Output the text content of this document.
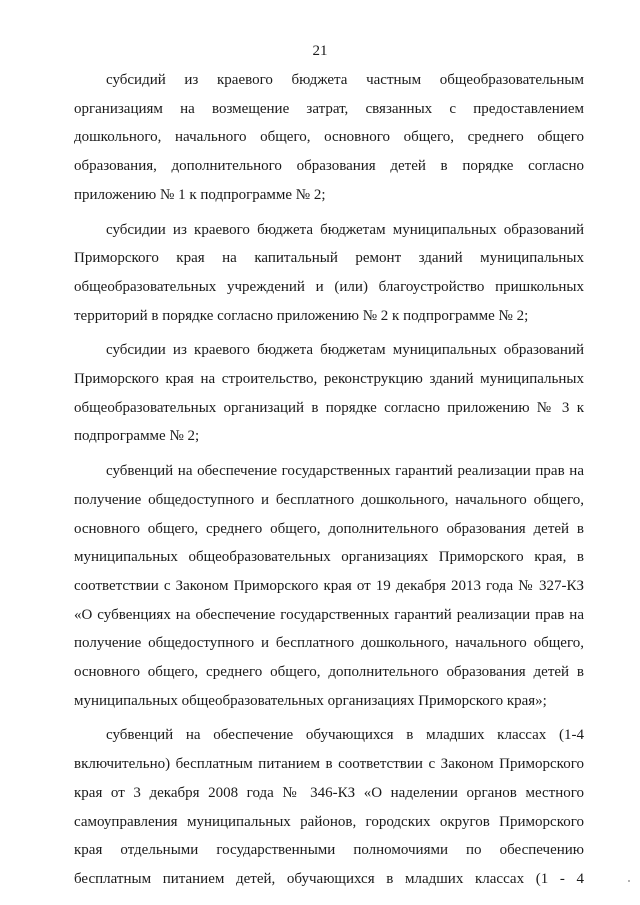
21

субсидий из краевого бюджета частным общеобразовательным организациям на возмещение затрат, связанных с предоставлением дошкольного, начального общего, основного общего, среднего общего образования, дополнительного образования детей в порядке согласно приложению № 1 к подпрограмме № 2;

субсидии из краевого бюджета бюджетам муниципальных образований Приморского края на капитальный ремонт зданий муниципальных общеобразовательных учреждений и (или) благоустройство пришкольных территорий в порядке согласно приложению № 2 к подпрограмме № 2;

субсидии из краевого бюджета бюджетам муниципальных образований Приморского края на строительство, реконструкцию зданий муниципальных общеобразовательных организаций в порядке согласно приложению № 3 к подпрограмме № 2;

субвенций на обеспечение государственных гарантий реализации прав на получение общедоступного и бесплатного дошкольного, начального общего, основного общего, среднего общего, дополнительного образования детей в муниципальных общеобразовательных организациях Приморского края, в соответствии с Законом Приморского края от 19 декабря 2013 года № 327-КЗ «О субвенциях на обеспечение государственных гарантий реализации прав на получение общедоступного и бесплатного дошкольного, начального общего, основного общего, среднего общего, дополнительного образования детей в муниципальных общеобразовательных организациях Приморского края»;

субвенций на обеспечение обучающихся в младших классах (1-4 включительно) бесплатным питанием в соответствии с Законом Приморского края от 3 декабря 2008 года № 346-КЗ «О наделении органов местного самоуправления муниципальных районов, городских округов Приморского края отдельными государственными полномочиями по обеспечению бесплатным питанием детей, обучающихся в младших классах (1 - 4
